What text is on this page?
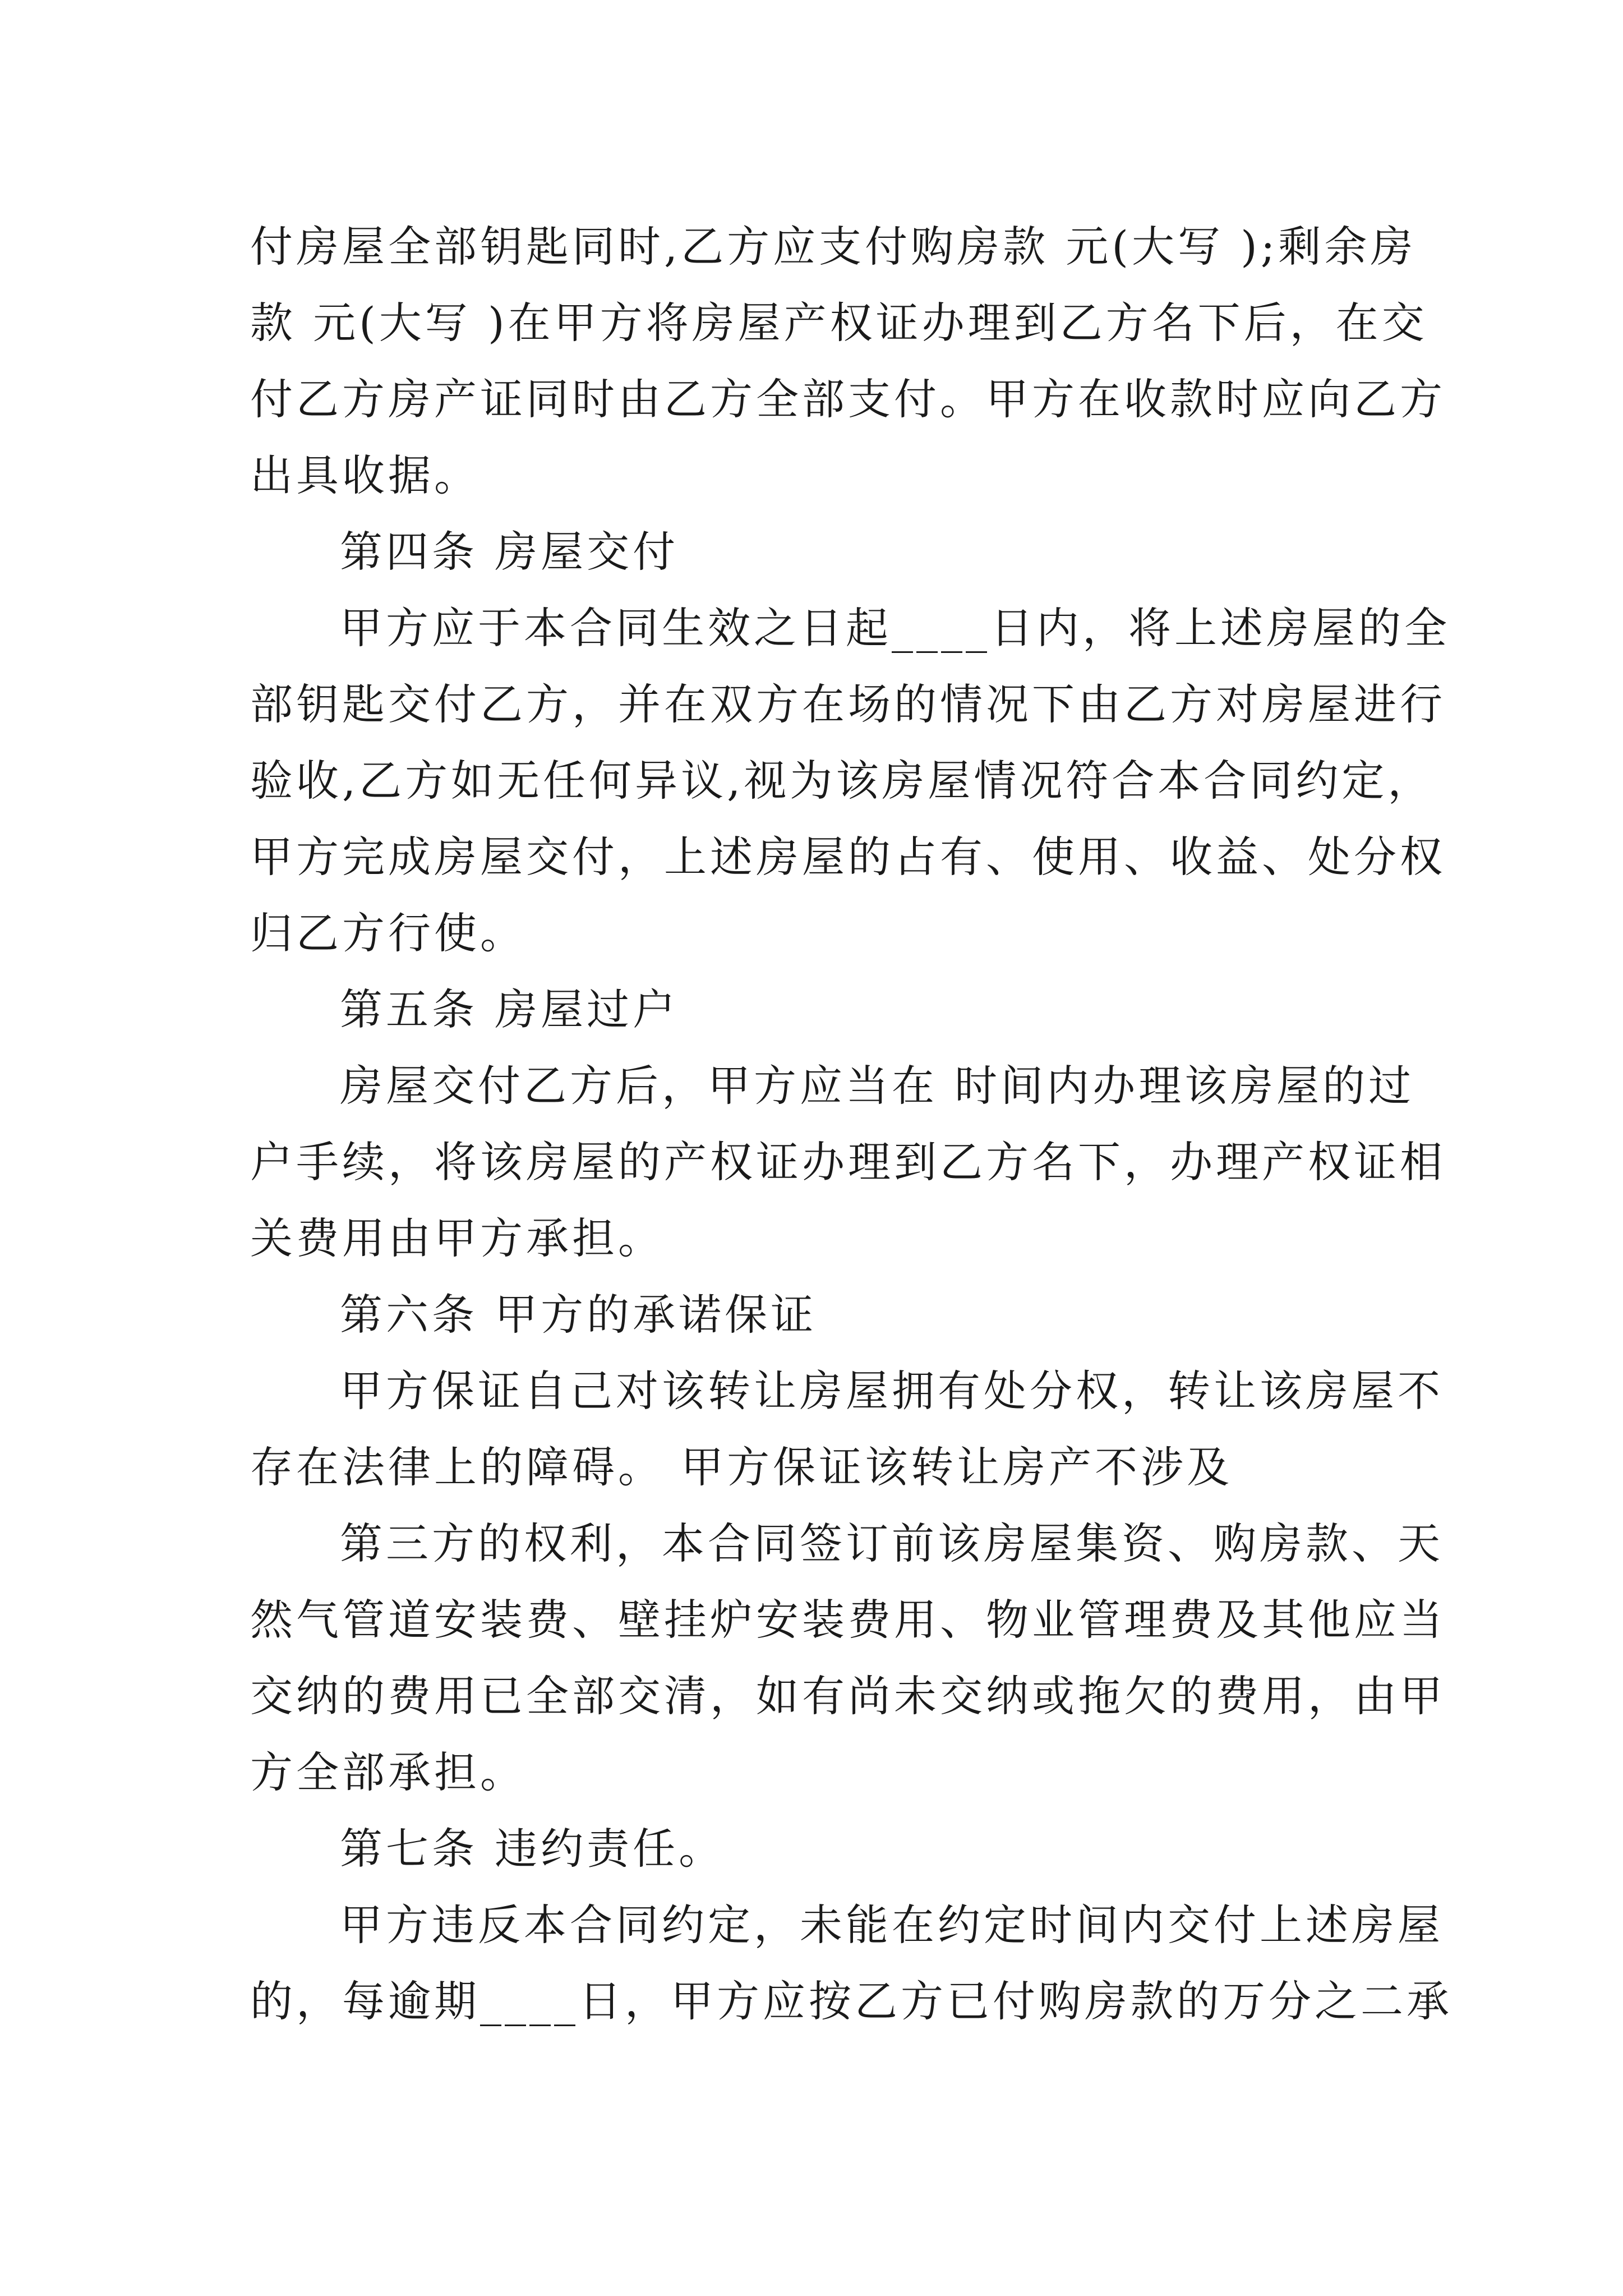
付房屋全部钥匙同时,乙方应支付购房款 元(大写 );剩余房
款 元(大写 )在甲方将房屋产权证办理到乙方名下后，在交
付乙方房产证同时由乙方全部支付。甲方在收款时应向乙方
出具收据。
第四条 房屋交付
甲方应于本合同生效之日起____日内，将上述房屋的全
部钥匙交付乙方，并在双方在场的情况下由乙方对房屋进行
验收,乙方如无任何异议,视为该房屋情况符合本合同约定，
甲方完成房屋交付，上述房屋的占有、使用、收益、处分权
归乙方行使。
第五条 房屋过户
房屋交付乙方后，甲方应当在 时间内办理该房屋的过
户手续，将该房屋的产权证办理到乙方名下，办理产权证相
关费用由甲方承担。
第六条 甲方的承诺保证
甲方保证自己对该转让房屋拥有处分权，转让该房屋不
存在法律上的障碍。 甲方保证该转让房产不涉及
第三方的权利，本合同签订前该房屋集资、购房款、天
然气管道安装费、壁挂炉安装费用、物业管理费及其他应当
交纳的费用已全部交清，如有尚未交纳或拖欠的费用，由甲
方全部承担。
第七条 违约责任。
甲方违反本合同约定，未能在约定时间内交付上述房屋
的，每逾期____日，甲方应按乙方已付购房款的万分之二承
